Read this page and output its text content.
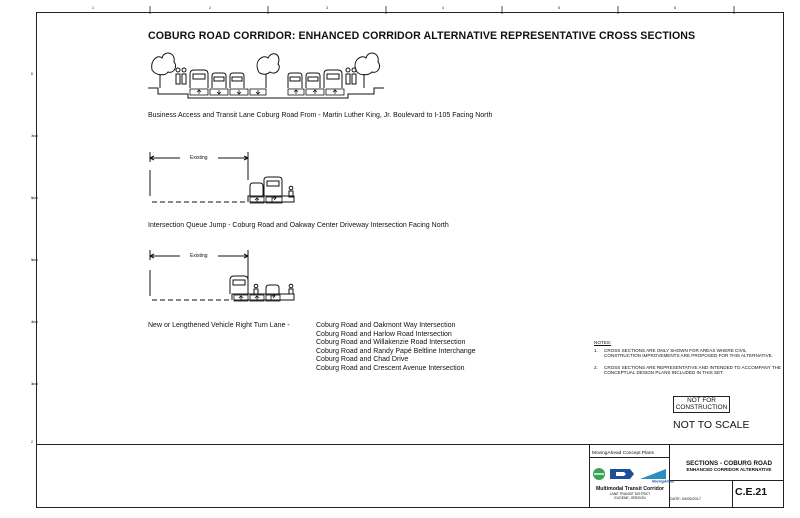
1	2	3	4	5	6
8
7
6
5
4
3
2
COBURG ROAD CORRIDOR: ENHANCED CORRIDOR ALTERNATIVE REPRESENTATIVE CROSS SECTIONS
Business Access and Transit Lane Coburg Road From - Martin Luther King, Jr. Boulevard to I-105 Facing North
Existing
Intersection Queue Jump - Coburg Road and Oakway Center Driveway Intersection Facing North
Existing
New or Lengthened Vehicle Right Turn Lane -	Coburg Road and Oakmont Way Intersection
Coburg Road and Harlow Road Intersection
Coburg Road and Willakenzie Road Intersection
Coburg Road and Randy Papé Beltline Interchange
Coburg Road and Chad Drive
Coburg Road and Crescent Avenue Intersection
NOTES:
1.	CROSS SECTIONS ARE ONLY SHOWN FOR AREAS WHERE CIVIL CONSTRUCTION IMPROVEMENTS ARE PROPOSED FOR THIS ALTERNATIVE.
2.	CROSS SECTIONS ARE REPRESENTATIVE AND INTENDED TO ACCOMPANY THE CONCEPTUAL DESIGN PLANS INCLUDED IN THIS SET.
NOT FOR
CONSTRUCTION
NOT TO SCALE
MovingAhead Concept Plans
MovingAhead
Multimodal Transit Corridor
LANE TRANSIT DISTRICT
EUGENE, OREGON
SECTIONS - COBURG ROAD
ENHANCED CORRIDOR ALTERNATIVE
DATE: 04/05/2017
C.E.21
